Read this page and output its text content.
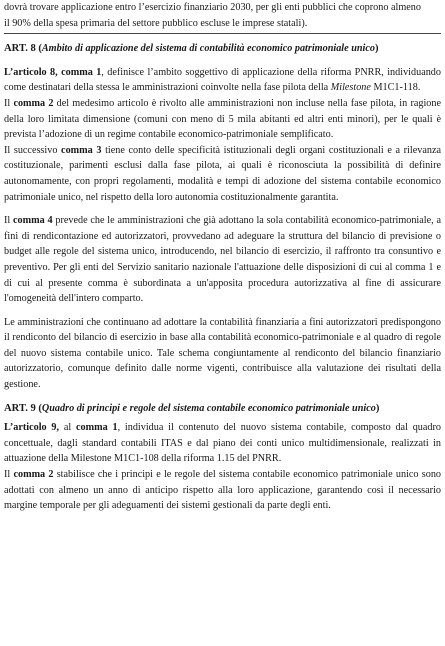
dovrà trovare applicazione entro l’esercizio finanziario 2030, per gli enti pubblici che coprono almeno

il 90% della spesa primaria del settore pubblico escluse le imprese statali).

ART. 8 (Ambito di applicazione del sistema di contabilità economico patrimoniale unico)

L’articolo 8, comma 1, definisce l’ambito soggettivo di applicazione della riforma PNRR, individuando come destinatari della stessa le amministrazioni coinvolte nella fase pilota della Milestone M1C1-118.

Il comma 2 del medesimo articolo è rivolto alle amministrazioni non incluse nella fase pilota, in ragione della loro limitata dimensione (comuni con meno di 5 mila abitanti ed altri enti minori), per le quali è prevista l’adozione di un regime contabile economico-patrimoniale semplificato.

Il successivo comma 3 tiene conto delle specificità istituzionali degli organi costituzionali e a rilevanza costituzionale, parimenti esclusi dalla fase pilota, ai quali è riconosciuta la possibilità di definire autonomamente, con propri regolamenti, modalità e tempi di adozione del sistema contabile economico patrimoniale unico, nel rispetto della loro autonomia costituzionalmente garantita.

Il comma 4 prevede che le amministrazioni che già adottano la sola contabilità economico-patrimoniale, a fini di rendicontazione ed autorizzatori, provvedano ad adeguare la struttura del bilancio di previsione o budget alle regole del sistema unico, introducendo, nel bilancio di esercizio, il raffronto tra consuntivo e preventivo. Per gli enti del Servizio sanitario nazionale l'attuazione delle disposizioni di cui al comma 1 e di cui al presente comma è subordinata a un'apposita procedura autorizzativa al fine di assicurare l'omogeneità dell'intero comparto.

Le amministrazioni che continuano ad adottare la contabilità finanziaria a fini autorizzatori predispongono il rendiconto del bilancio di esercizio in base alla contabilità economico-patrimoniale e al quadro di regole del nuovo sistema contabile unico. Tale schema congiuntamente al rendiconto del bilancio finanziario autorizzatorio, comunque definito dalle norme vigenti, contribuisce alla valutazione dei risultati della gestione.

ART. 9 (Quadro di principi e regole del sistema contabile economico patrimoniale unico)

L’articolo 9, al comma 1, individua il contenuto del nuovo sistema contabile, composto dal quadro concettuale, dagli standard contabili ITAS e dal piano dei conti unico multidimensionale, realizzati in attuazione della Milestone M1C1-108 della riforma 1.15 del PNRR.

Il comma 2 stabilisce che i principi e le regole del sistema contabile economico patrimoniale unico sono adottati con almeno un anno di anticipo rispetto alla loro applicazione, garantendo così il necessario margine temporale per gli adeguamenti dei sistemi gestionali da parte degli enti.
